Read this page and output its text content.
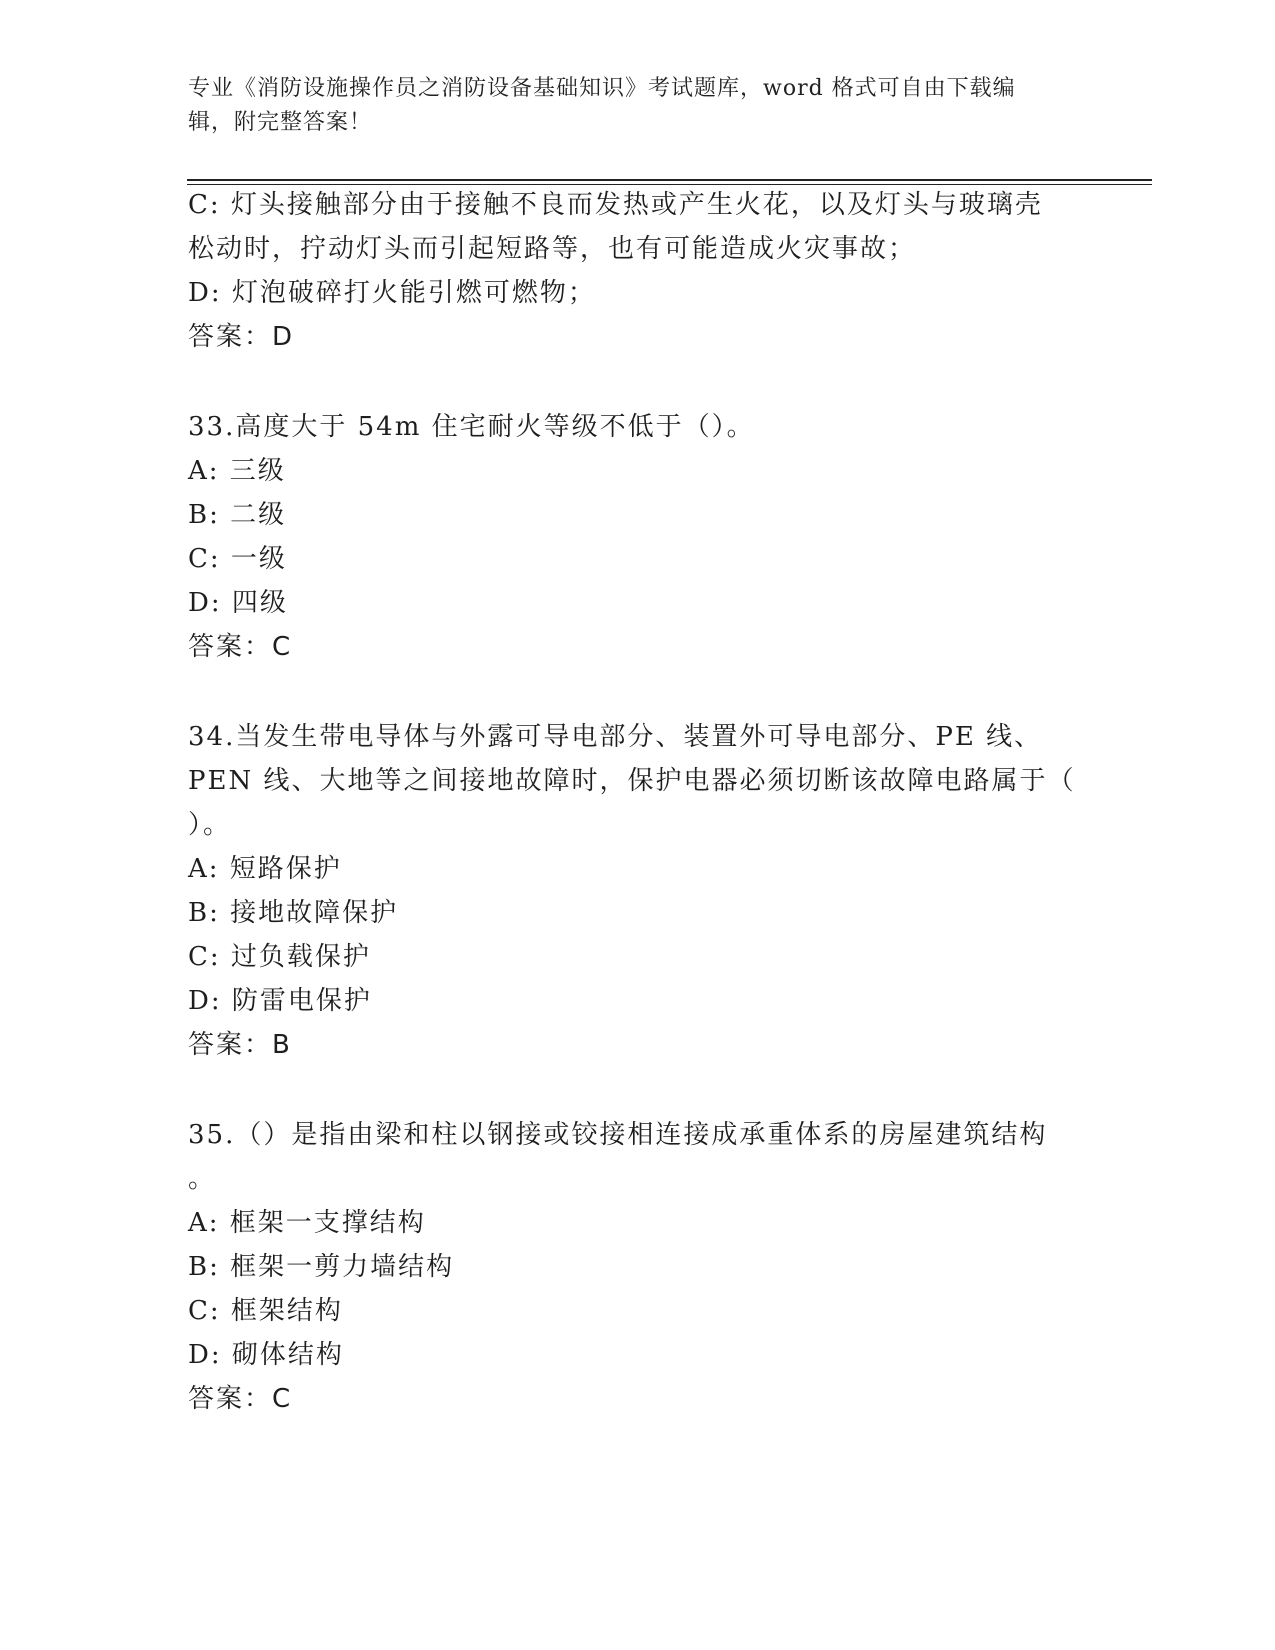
专业《消防设施操作员之消防设备基础知识》考试题库，word 格式可自由下载编
辑，附完整答案！
C: 灯头接触部分由于接触不良而发热或产生火花，以及灯头与玻璃壳
松动时，拧动灯头而引起短路等，也有可能造成火灾事故；
D: 灯泡破碎打火能引燃可燃物；
答案：D
33.高度大于 54m 住宅耐火等级不低于（）。
A: 三级
B: 二级
C: 一级
D: 四级
答案：C
34.当发生带电导体与外露可导电部分、装置外可导电部分、PE 线、
PEN 线、大地等之间接地故障时，保护电器必须切断该故障电路属于（
）。
A: 短路保护
B: 接地故障保护
C: 过负载保护
D: 防雷电保护
答案：B
35.（）是指由梁和柱以钢接或铰接相连接成承重体系的房屋建筑结构
。
A: 框架一支撑结构
B: 框架一剪力墙结构
C: 框架结构
D: 砌体结构
答案：C
